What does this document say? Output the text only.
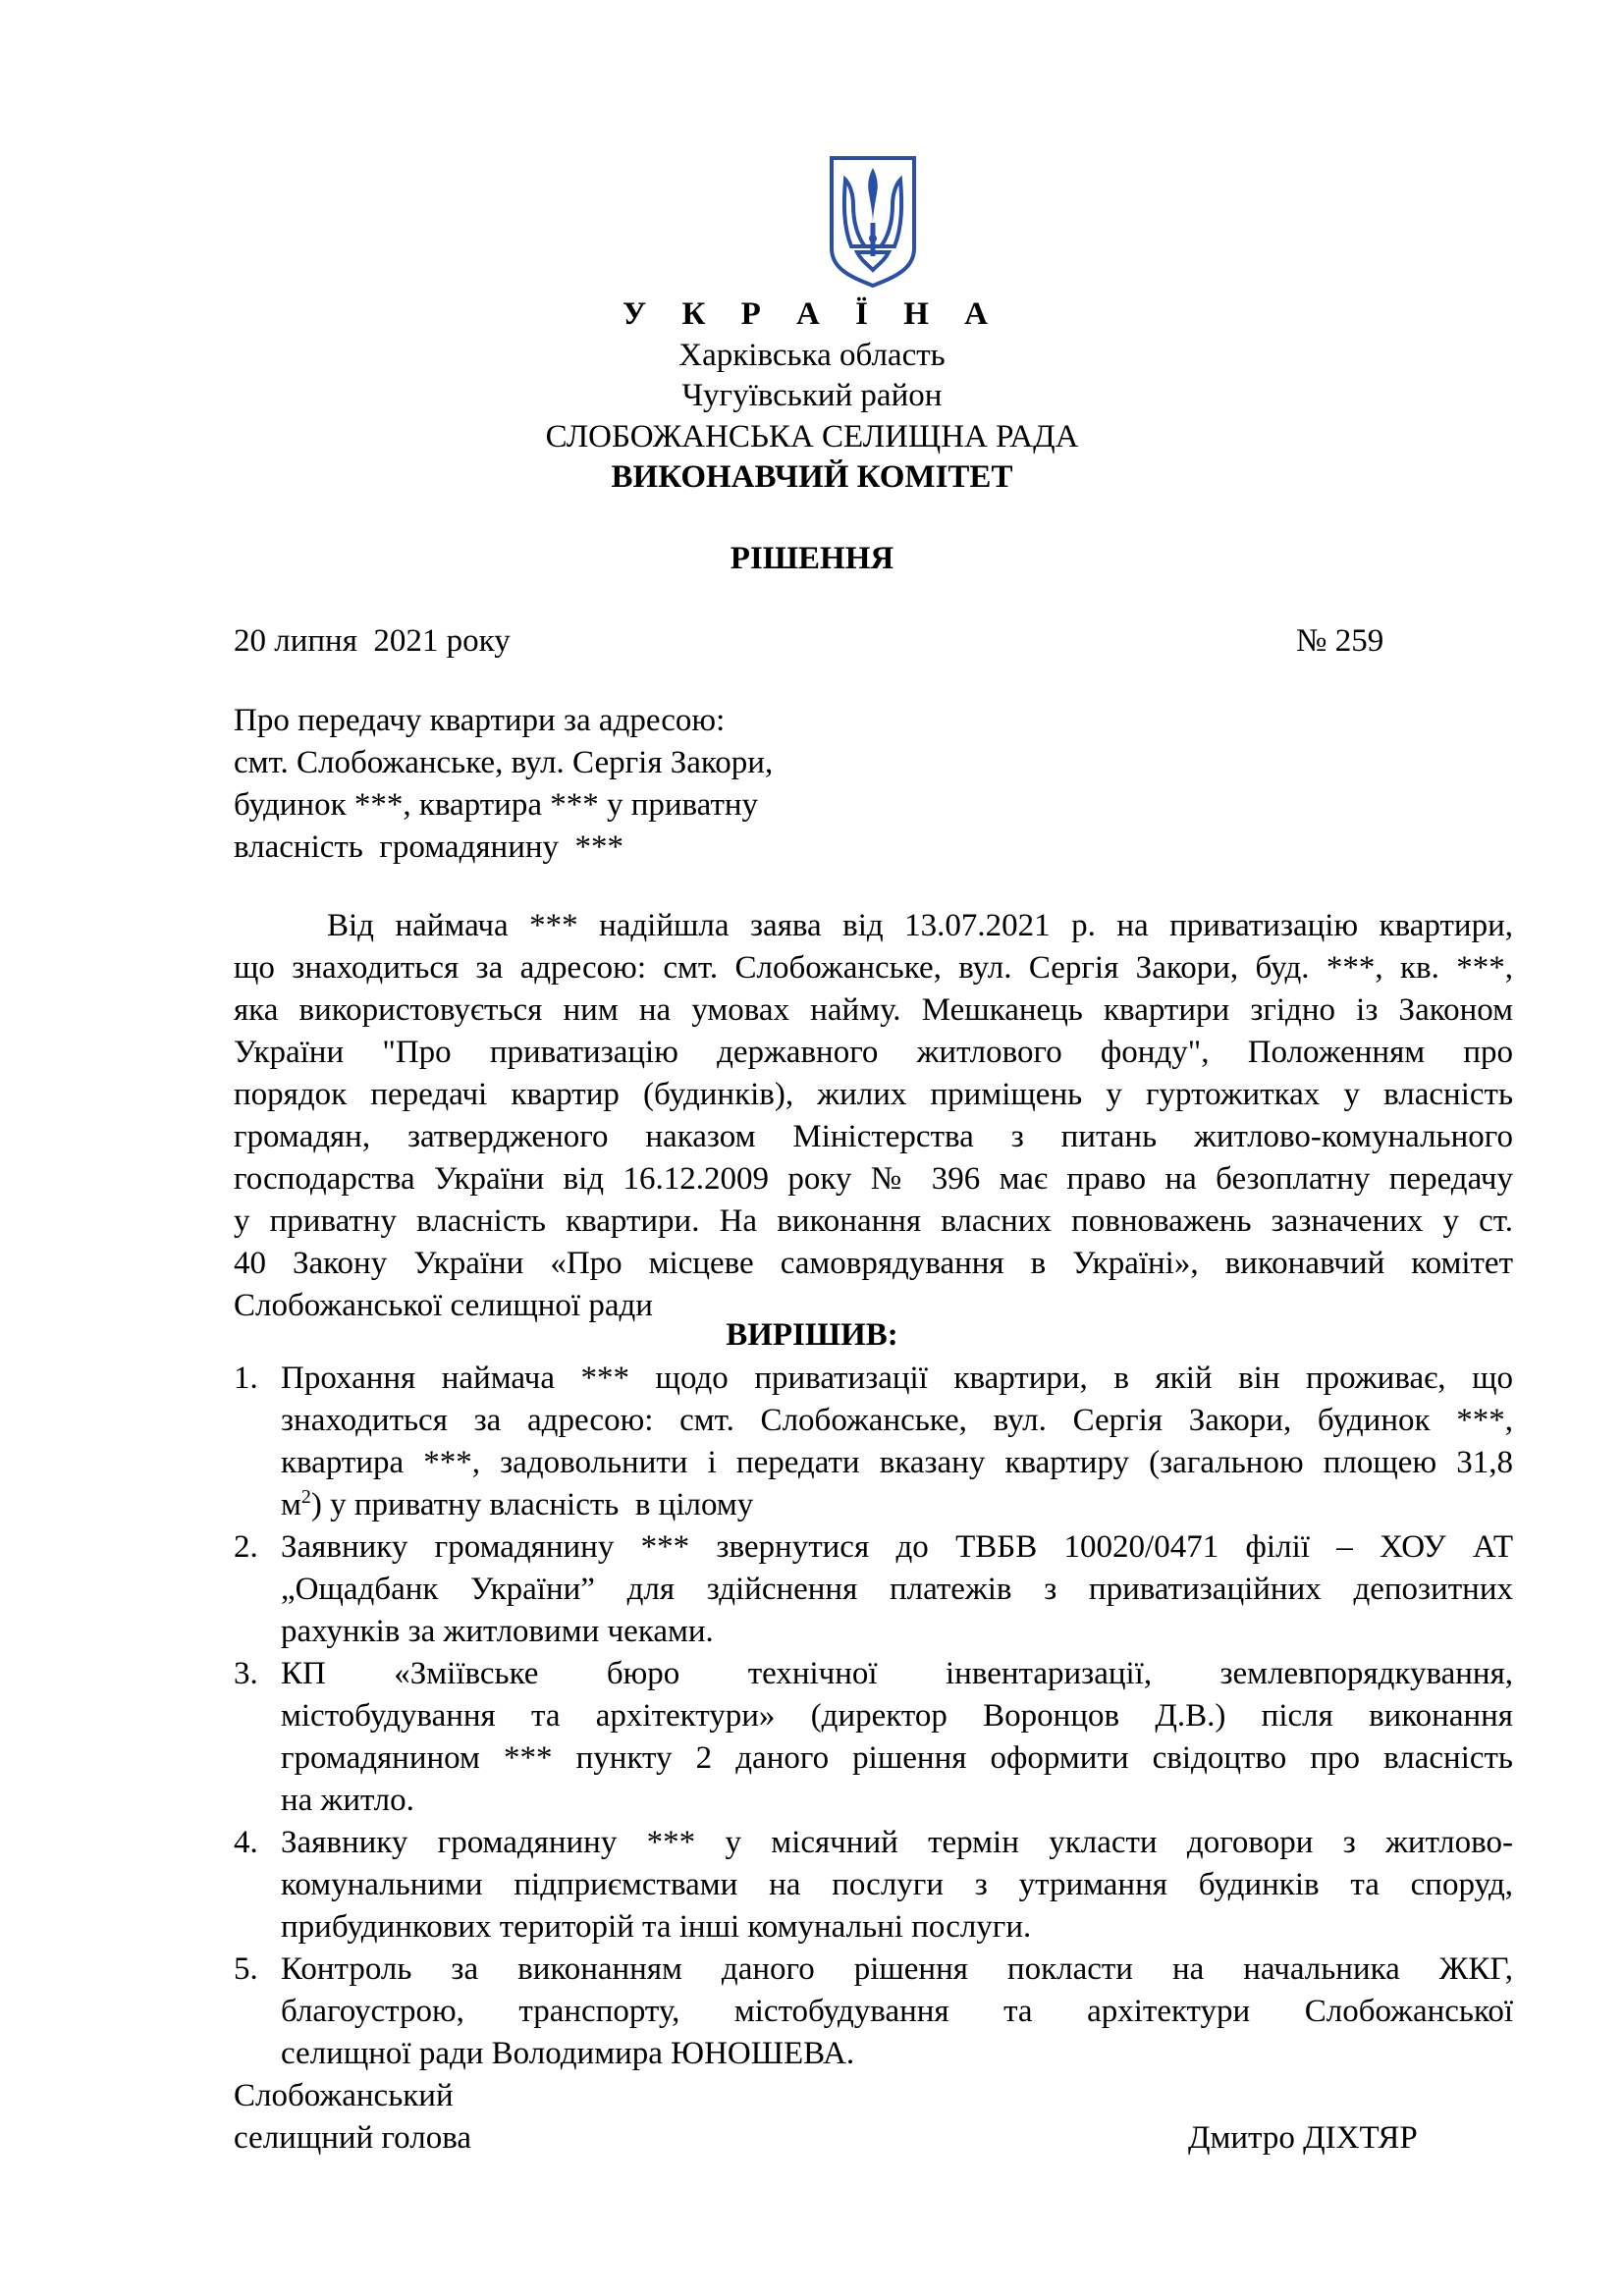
У К Р А Ї Н А
Харківська область
Чугуївський район
СЛОБОЖАНСЬКА СЕЛИЩНА РАДА
ВИКОНАВЧИЙ КОМІТЕТ
РІШЕННЯ
20 липня  2021 року	№ 259
Про передачу квартири за адресою:
смт. Слобожанське, вул. Сергія Закори,
будинок ***, квартира *** у приватну
власність  громадянину  ***
Від наймача *** надійшла заява від 13.07.2021 р. на приватизацію квартири,
що знаходиться за адресою: смт. Слобожанське, вул. Сергія Закори, буд. ***, кв. ***,
яка використовується ним на умовах найму. Мешканець квартири згідно із Законом
України "Про приватизацію державного житлового фонду", Положенням про
порядок передачі квартир (будинків), жилих приміщень у гуртожитках у власність
громадян, затвердженого наказом Міністерства з питань житлово-комунального
господарства України від 16.12.2009 року № 396 має право на безоплатну передачу
у приватну власність квартири. На виконання власних повноважень зазначених у ст.
40 Закону України «Про місцеве самоврядування в Україні», виконавчий комітет
Слобожанської селищної ради
ВИРІШИВ:
1. Прохання наймача *** щодо приватизації квартири, в якій він проживає, що
знаходиться за адресою: смт. Слобожанське, вул. Сергія Закори, будинок ***,
квартира ***, задовольнити і передати вказану квартиру (загальною площею 31,8
$м^2$) у приватну власність  в цілому
2. Заявнику громадянину *** звернутися до ТВБВ 10020/0471 філії – ХОУ АТ
„Ощадбанк України” для здійснення платежів з приватизаційних депозитних
рахунків за житловими чеками.
3. КП «Зміївське бюро технічної інвентаризації, землевпорядкування,
містобудування та архітектури» (директор Воронцов Д.В.) після виконання
громадянином *** пункту 2 даного рішення оформити свідоцтво про власність
на житло.
4. Заявнику громадянину *** у місячний термін укласти договори з житлово-
комунальними підприємствами на послуги з утримання будинків та споруд,
прибудинкових територій та інші комунальні послуги.
5. Контроль за виконанням даного рішення покласти на начальника ЖКГ,
благоустрою, транспорту, містобудування та архітектури Слобожанської
селищної ради Володимира ЮНОШЕВА.
Слобожанський
селищний голова	Дмитро ДІХТЯР
